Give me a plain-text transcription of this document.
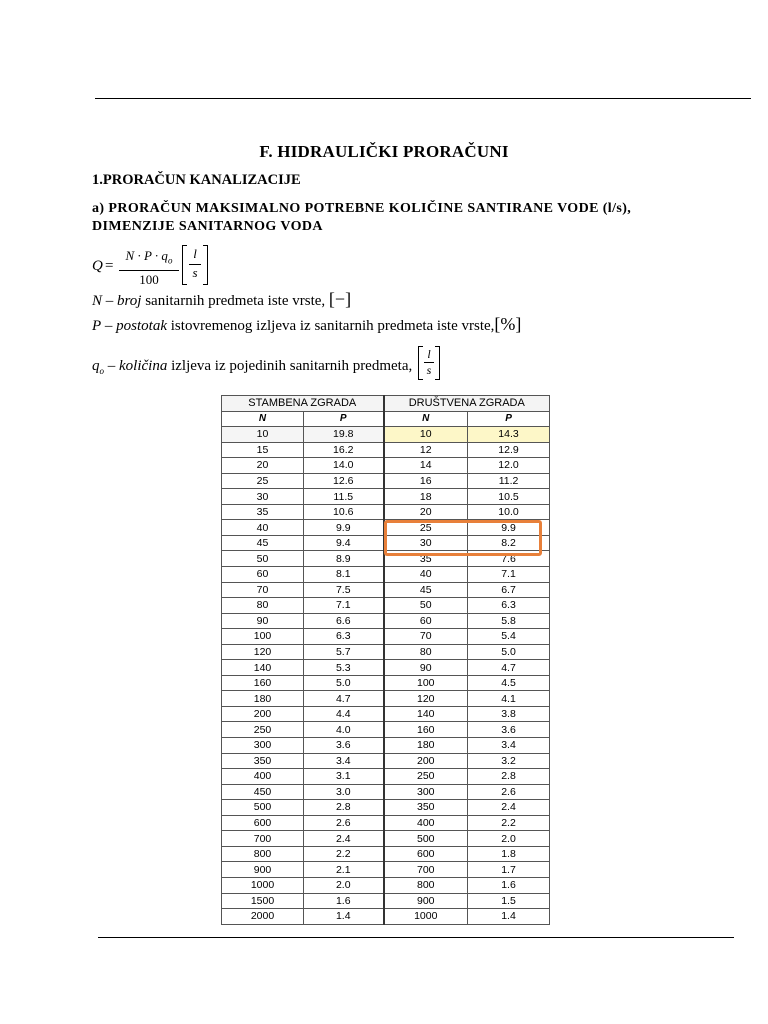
F. HIDRAULIČKI PRORAČUNI
1.PRORAČUN KANALIZACIJE
a) PRORAČUN MAKSIMALNO POTREBNE KOLIČINE SANTIRANE VODE (l/s),
DIMENZIJE SANITARNOG VODA
Q =
$N \cdot P \cdot q_o$
100
l
s
N – broj sanitarnih predmeta iste vrste, [−]
P – postotak istovremenog izljeva iz sanitarnih predmeta iste vrste,[%]
$q_o$ – količina izljeva iz pojedinih sanitarnih predmeta, $\frac{l}{s}$
STAMBENA ZGRADA		DRUŠTVENA ZGRADA	
N	P	N	P
10	19.8	10	14.3
15	16.2	12	12.9
20	14.0	14	12.0
25	12.6	16	11.2
30	11.5	18	10.5
35	10.6	20	10.0
40	9.9	25	9.9
45	9.4	30	8.2
50	8.9	35	7.6
60	8.1	40	7.1
70	7.5	45	6.7
80	7.1	50	6.3
90	6.6	60	5.8
100	6.3	70	5.4
120	5.7	80	5.0
140	5.3	90	4.7
160	5.0	100	4.5
180	4.7	120	4.1
200	4.4	140	3.8
250	4.0	160	3.6
300	3.6	180	3.4
350	3.4	200	3.2
400	3.1	250	2.8
450	3.0	300	2.6
500	2.8	350	2.4
600	2.6	400	2.2
700	2.4	500	2.0
800	2.2	600	1.8
900	2.1	700	1.7
1000	2.0	800	1.6
1500	1.6	900	1.5
2000	1.4	1000	1.4
